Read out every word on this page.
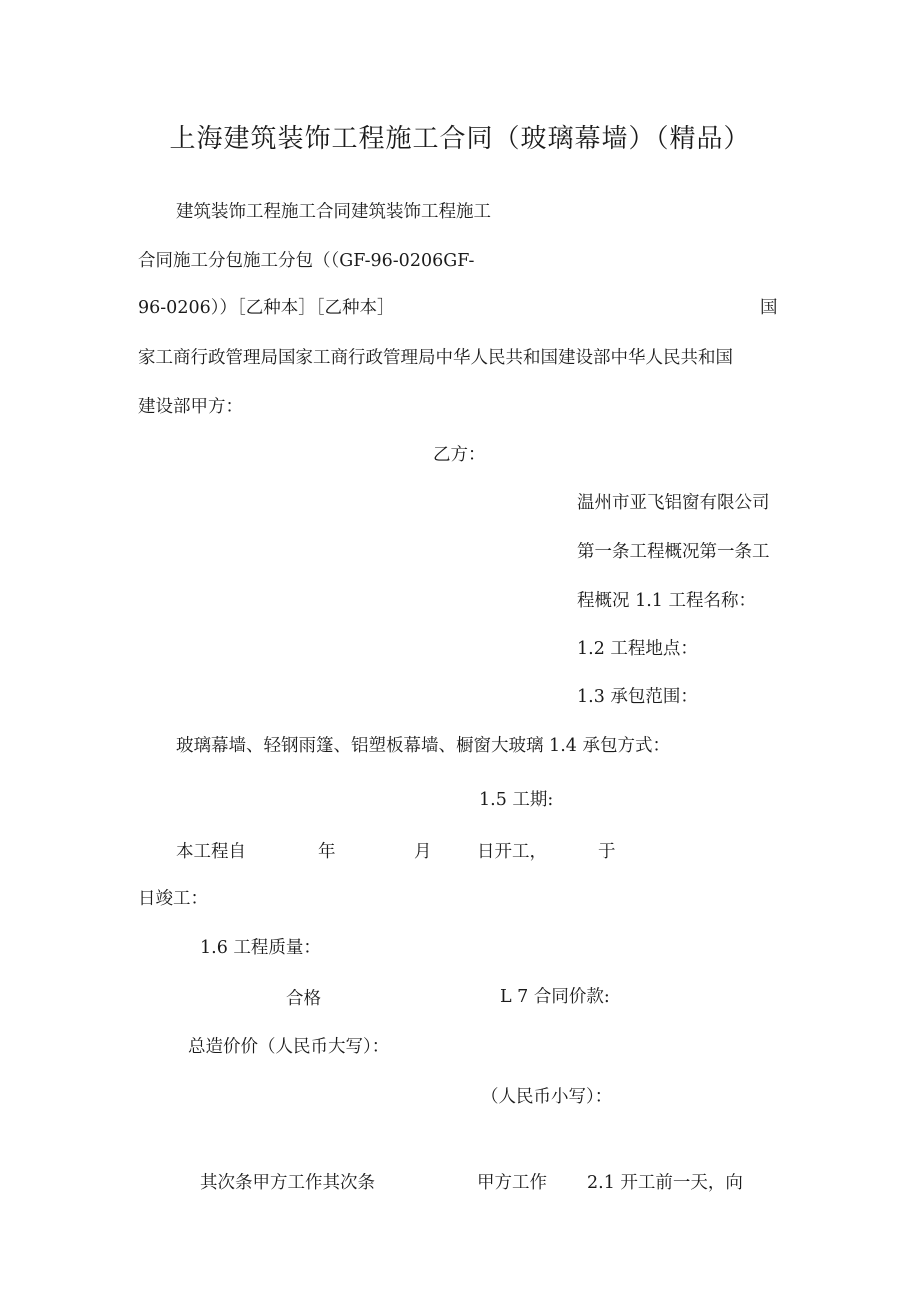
上海建筑装饰工程施工合同（玻璃幕墙）（精品）
建筑装饰工程施工合同建筑装饰工程施工
合同施工分包施工分包（（GF-96-0206GF-
96-0206））［乙种本］［乙种本］	国
家工商行政管理局国家工商行政管理局中华人民共和国建设部中华人民共和国
建设部甲方：
乙方：
温州市亚飞铝窗有限公司
第一条工程概况第一条工
程概况 1.1 工程名称：
1.2 工程地点：
1.3 承包范围：
玻璃幕墙、轻钢雨篷、铝塑板幕墙、橱窗大玻璃 1.4 承包方式：
1.5 工期:
本工程自	年	月	日开工，	于
日竣工：
1.6 工程质量：
合格	L 7 合同价款:
总造价价（人民币大写）：
（人民币小写）：
其次条甲方工作其次条	甲方工作 2.1 开工前一天，向
